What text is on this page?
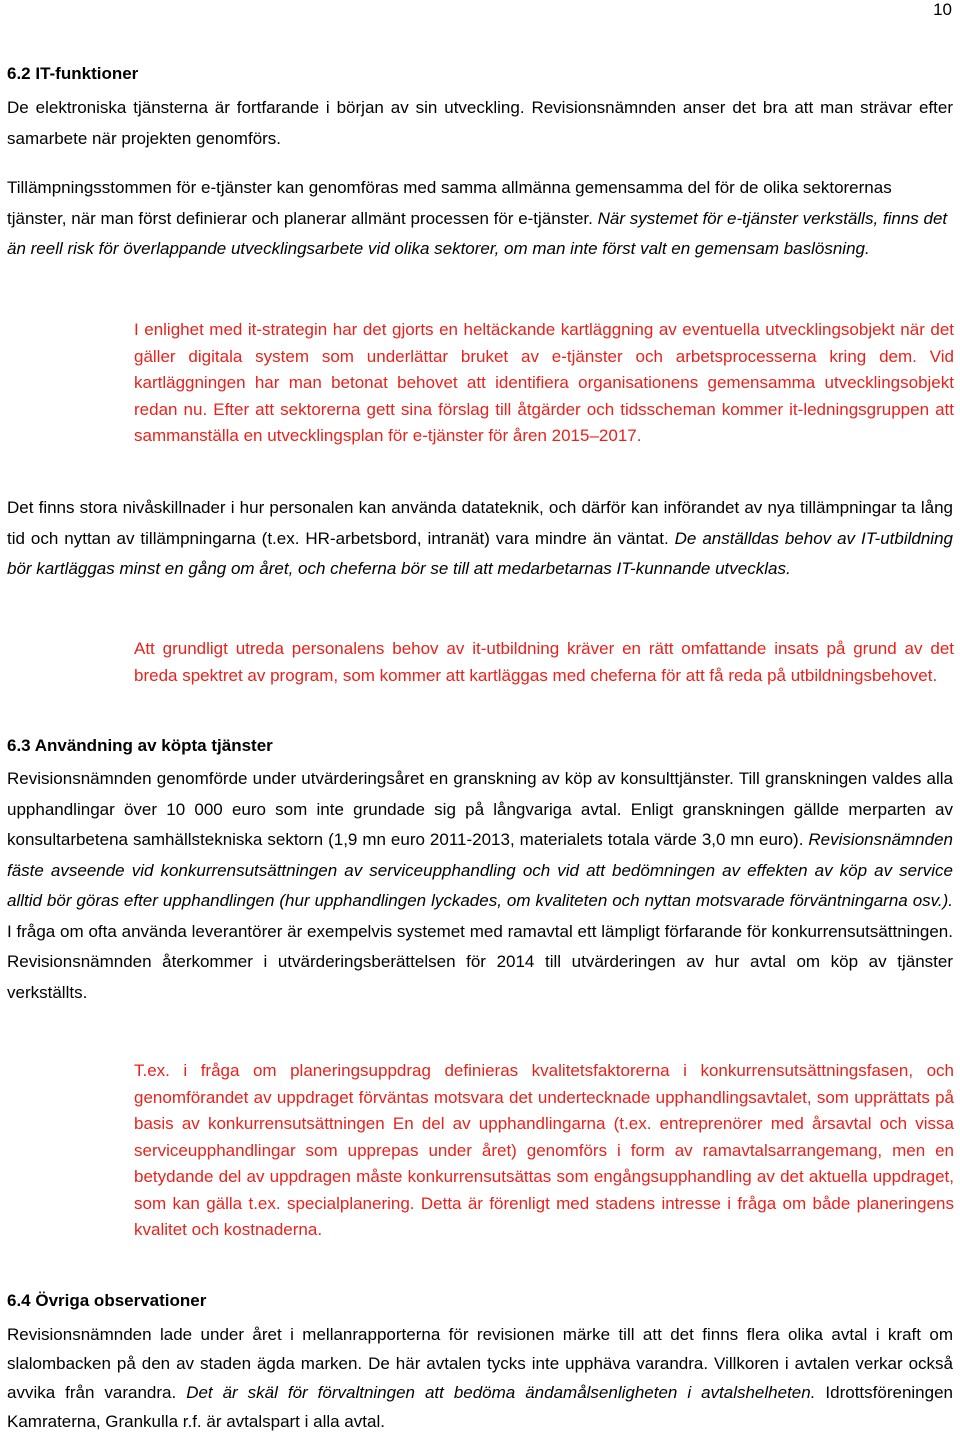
10
6.2 IT-funktioner
De elektroniska tjänsterna är fortfarande i början av sin utveckling. Revisionsnämnden anser det bra att man strävar efter samarbete när projekten genomförs.
Tillämpningsstommen för e-tjänster kan genomföras med samma allmänna gemensamma del för de olika sektorernas tjänster, när man först definierar och planerar allmänt processen för e-tjänster. När systemet för e-tjänster verkställs, finns det än reell risk för överlappande utvecklingsarbete vid olika sektorer, om man inte först valt en gemensam baslösning.
I enlighet med it-strategin har det gjorts en heltäckande kartläggning av eventuella utvecklingsobjekt när det gäller digitala system som underlättar bruket av e-tjänster och arbetsprocesserna kring dem. Vid kartläggningen har man betonat behovet att identifiera organisationens gemensamma utvecklingsobjekt redan nu. Efter att sektorerna gett sina förslag till åtgärder och tidsscheman kommer it-ledningsgruppen att sammanställa en utvecklingsplan för e-tjänster för åren 2015–2017.
Det finns stora nivåskillnader i hur personalen kan använda datateknik, och därför kan införandet av nya tillämpningar ta lång tid och nyttan av tillämpningarna (t.ex. HR-arbetsbord, intranät) vara mindre än väntat. De anställdas behov av IT-utbildning bör kartläggas minst en gång om året, och cheferna bör se till att medarbetarnas IT-kunnande utvecklas.
Att grundligt utreda personalens behov av it-utbildning kräver en rätt omfattande insats på grund av det breda spektret av program, som kommer att kartläggas med cheferna för att få reda på utbildningsbehovet.
6.3 Användning av köpta tjänster
Revisionsnämnden genomförde under utvärderingsåret en granskning av köp av konsulttjänster. Till granskningen valdes alla upphandlingar över 10 000 euro som inte grundade sig på långvariga avtal. Enligt granskningen gällde merparten av konsultarbetena samhällstekniska sektorn (1,9 mn euro 2011-2013, materialets totala värde 3,0 mn euro). Revisionsnämnden fäste avseende vid konkurrensutsättningen av serviceupphandling och vid att bedömningen av effekten av köp av service alltid bör göras efter upphandlingen (hur upphandlingen lyckades, om kvaliteten och nyttan motsvarade förväntningarna osv.). I fråga om ofta använda leverantörer är exempelvis systemet med ramavtal ett lämpligt förfarande för konkurrensutsättningen. Revisionsnämnden återkommer i utvärderingsberättelsen för 2014 till utvärderingen av hur avtal om köp av tjänster verkställts.
T.ex. i fråga om planeringsuppdrag definieras kvalitetsfaktorerna i konkurrensutsättningsfasen, och genomförandet av uppdraget förväntas motsvara det undertecknade upphandlingsavtalet, som upprättats på basis av konkurrensutsättningen En del av upphandlingarna (t.ex. entreprenörer med årsavtal och vissa serviceupphandlingar som upprepas under året) genomförs i form av ramavtalsarrangemang, men en betydande del av uppdragen måste konkurrensutsättas som engångsupphandling av det aktuella uppdraget, som kan gälla t.ex. specialplanering. Detta är förenligt med stadens intresse i fråga om både planeringens kvalitet och kostnaderna.
6.4 Övriga observationer
Revisionsnämnden lade under året i mellanrapporterna för revisionen märke till att det finns flera olika avtal i kraft om slalombacken på den av staden ägda marken. De här avtalen tycks inte upphäva varandra. Villkoren i avtalen verkar också avvika från varandra. Det är skäl för förvaltningen att bedöma ändamålsenligheten i avtalshelheten. Idrottsföreningen Kamraterna, Grankulla r.f. är avtalspart i alla avtal.
